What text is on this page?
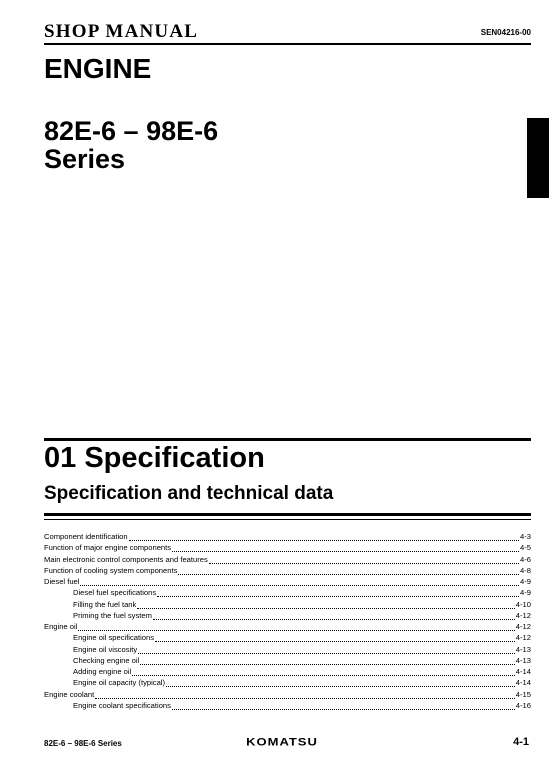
SHOP MANUAL	SEN04216-00
ENGINE
82E-6 – 98E-6
Series
01 Specification
Specification and technical data
Component identification	4-3
Function of major engine components	4-5
Main electronic control components and features	4-6
Function of cooling system components	4-8
Diesel fuel	4-9
Diesel fuel specifications	4-9
Filling the fuel tank	4-10
Priming the fuel system	4-12
Engine oil	4-12
Engine oil specifications	4-12
Engine oil viscosity	4-13
Checking engine oil	4-13
Adding engine oil	4-14
Engine oil capacity (typical)	4-14
Engine coolant	4-15
Engine coolant specifications	4-16
82E-6 – 98E-6 Series	KOMATSU	4-1
